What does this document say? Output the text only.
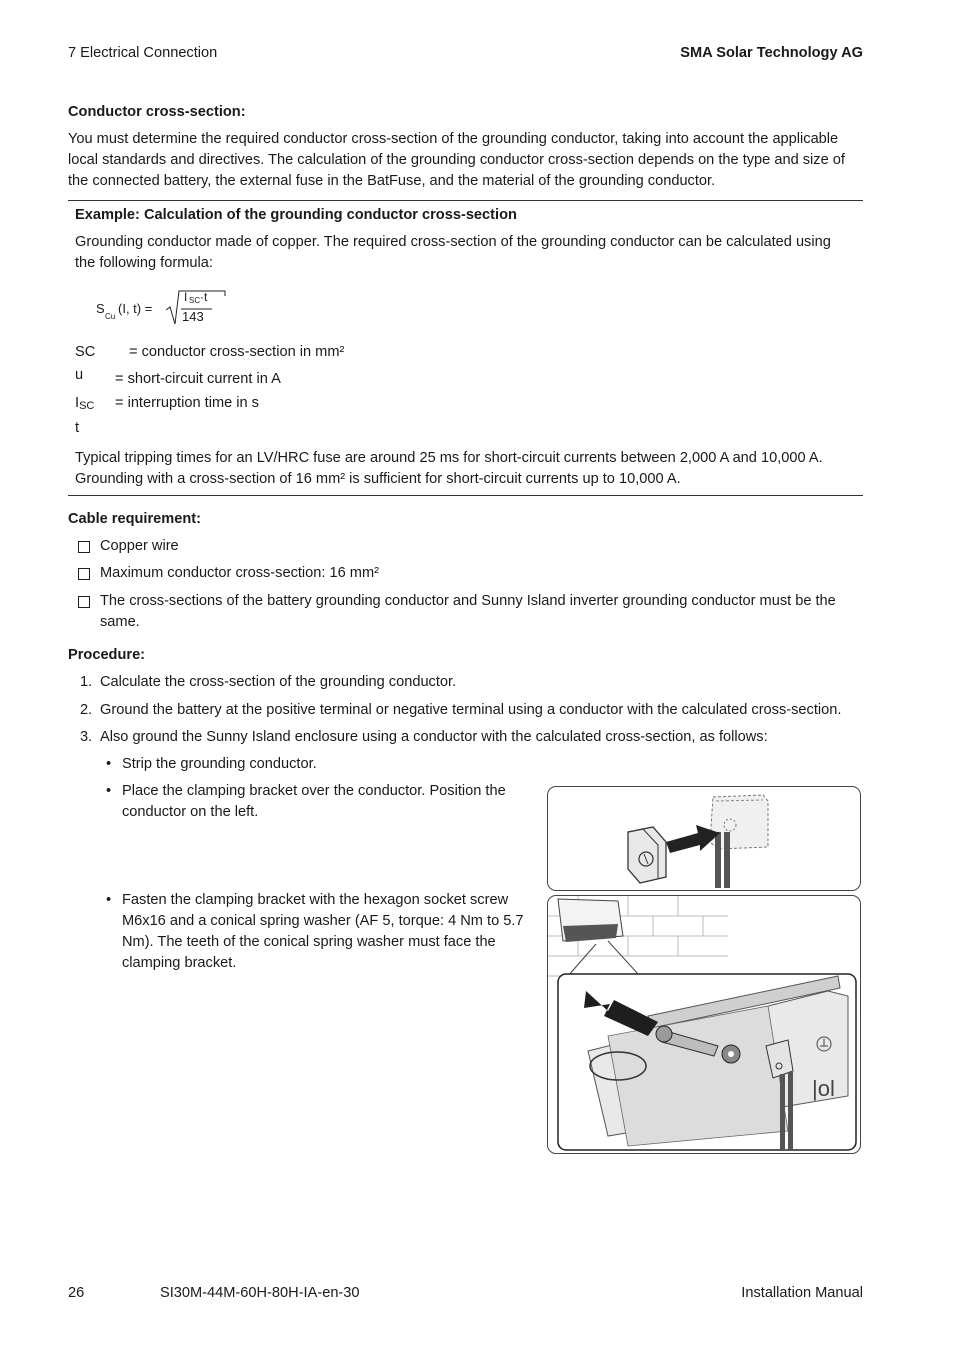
7 Electrical Connection	SMA Solar Technology AG
Conductor cross-section:

You must determine the required conductor cross-section of the grounding conductor, taking into account the applicable

local standards and directives. The calculation of the grounding conductor cross-section depends on the type and size of

the connected battery, the external fuse in the BatFuse, and the material of the grounding conductor.

Example: Calculation of the grounding conductor cross-section

Grounding conductor made of copper. The required cross-section of the grounding conductor can be calculated using

the following formula:

S
Cu
(I, t) =
I SC ·t
143
SC	= conductor cross-section in mm²
u	= short-circuit current in A
ISC	= interruption time in s
t

Typical tripping times for an LV/HRC fuse are around 25 ms for short-circuit currents between 2,000 A and 10,000 A.

Grounding with a cross-section of 16 mm² is sufficient for short-circuit currents up to 10,000 A.

Cable requirement:
Copper wire
Maximum conductor cross-section: 16 mm²
The cross-sections of the battery grounding conductor and Sunny Island inverter grounding conductor must be the
same.
Procedure:
1. Calculate the cross-section of the grounding conductor.
2. Ground the battery at the positive terminal or negative terminal using a conductor with the calculated cross-section.
3. Also ground the Sunny Island enclosure using a conductor with the calculated cross-section, as follows:
• Strip the grounding conductor.
• Place the clamping bracket over the conductor. Position the conductor on the left.
• Fasten the clamping bracket with the hexagon socket screw M6x16 and a conical spring washer (AF 5, torque: 4 Nm to 5.7 Nm). The teeth of the conical spring washer must face the clamping bracket.
|ol
26	SI30M-44M-60H-80H-IA-en-30	Installation Manual
